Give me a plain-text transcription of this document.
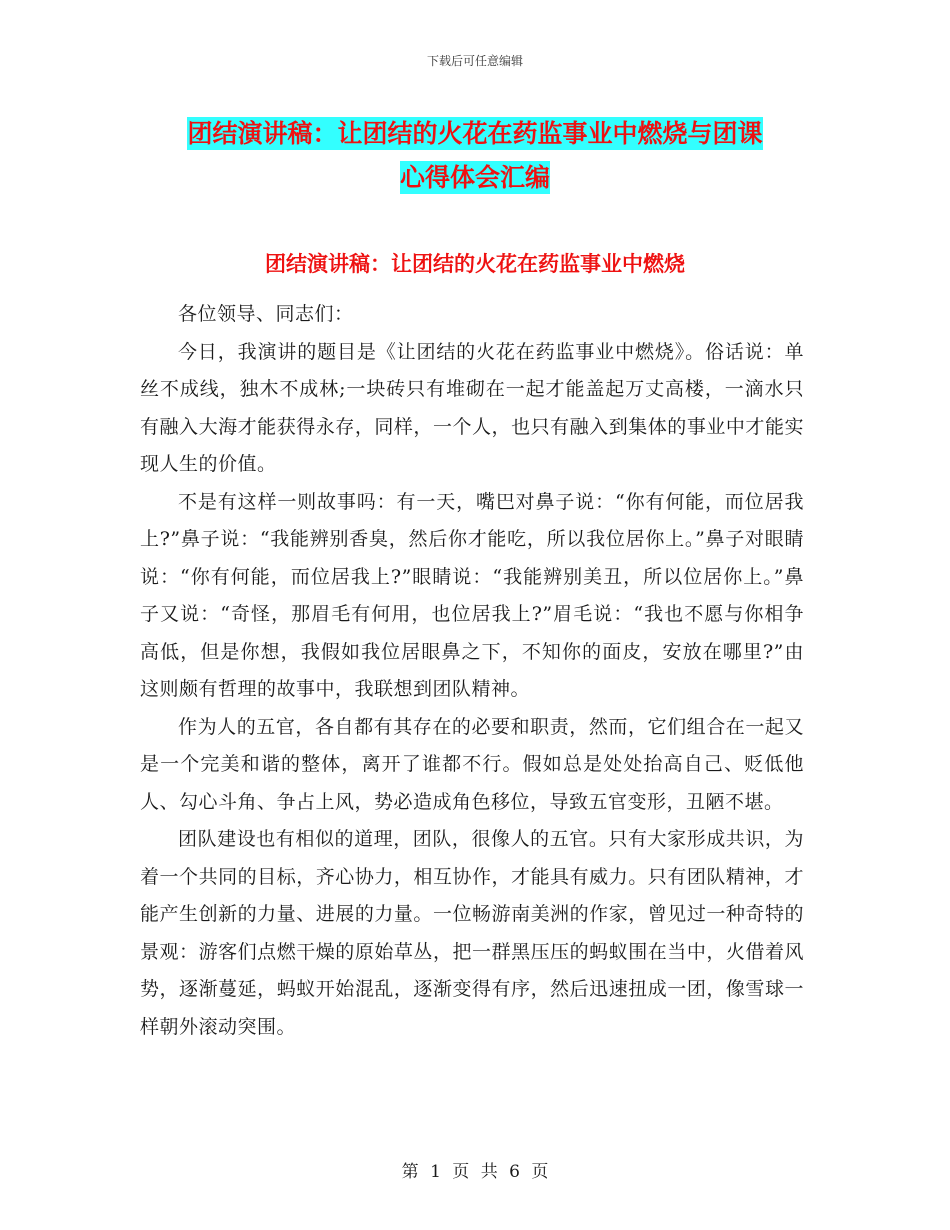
下载后可任意编辑
团结演讲稿：让团结的火花在药监事业中燃烧与团课
心得体会汇编
团结演讲稿：让团结的火花在药监事业中燃烧

各位领导、同志们：

今日，我演讲的题目是《让团结的火花在药监事业中燃烧》。俗话说：单丝不成线，独木不成林;一块砖只有堆砌在一起才能盖起万丈高楼，一滴水只有融入大海才能获得永存，同样，一个人，也只有融入到集体的事业中才能实现人生的价值。

不是有这样一则故事吗：有一天，嘴巴对鼻子说：“你有何能，而位居我上?”鼻子说：“我能辨别香臭，然后你才能吃，所以我位居你上。”鼻子对眼睛说：“你有何能，而位居我上?”眼睛说：“我能辨别美丑，所以位居你上。”鼻子又说：“奇怪，那眉毛有何用，也位居我上?”眉毛说：“我也不愿与你相争高低，但是你想，我假如我位居眼鼻之下，不知你的面皮，安放在哪里?”由这则颇有哲理的故事中，我联想到团队精神。

作为人的五官，各自都有其存在的必要和职责，然而，它们组合在一起又是一个完美和谐的整体，离开了谁都不行。假如总是处处抬高自己、贬低他人、勾心斗角、争占上风，势必造成角色移位，导致五官变形，丑陋不堪。

团队建设也有相似的道理，团队，很像人的五官。只有大家形成共识，为着一个共同的目标，齐心协力，相互协作，才能具有威力。只有团队精神，才能产生创新的力量、进展的力量。一位畅游南美洲的作家，曾见过一种奇特的景观：游客们点燃干燥的原始草丛，把一群黑压压的蚂蚁围在当中，火借着风势，逐渐蔓延，蚂蚁开始混乱，逐渐变得有序，然后迅速扭成一团，像雪球一样朝外滚动突围。

第 1 页 共 6 页
